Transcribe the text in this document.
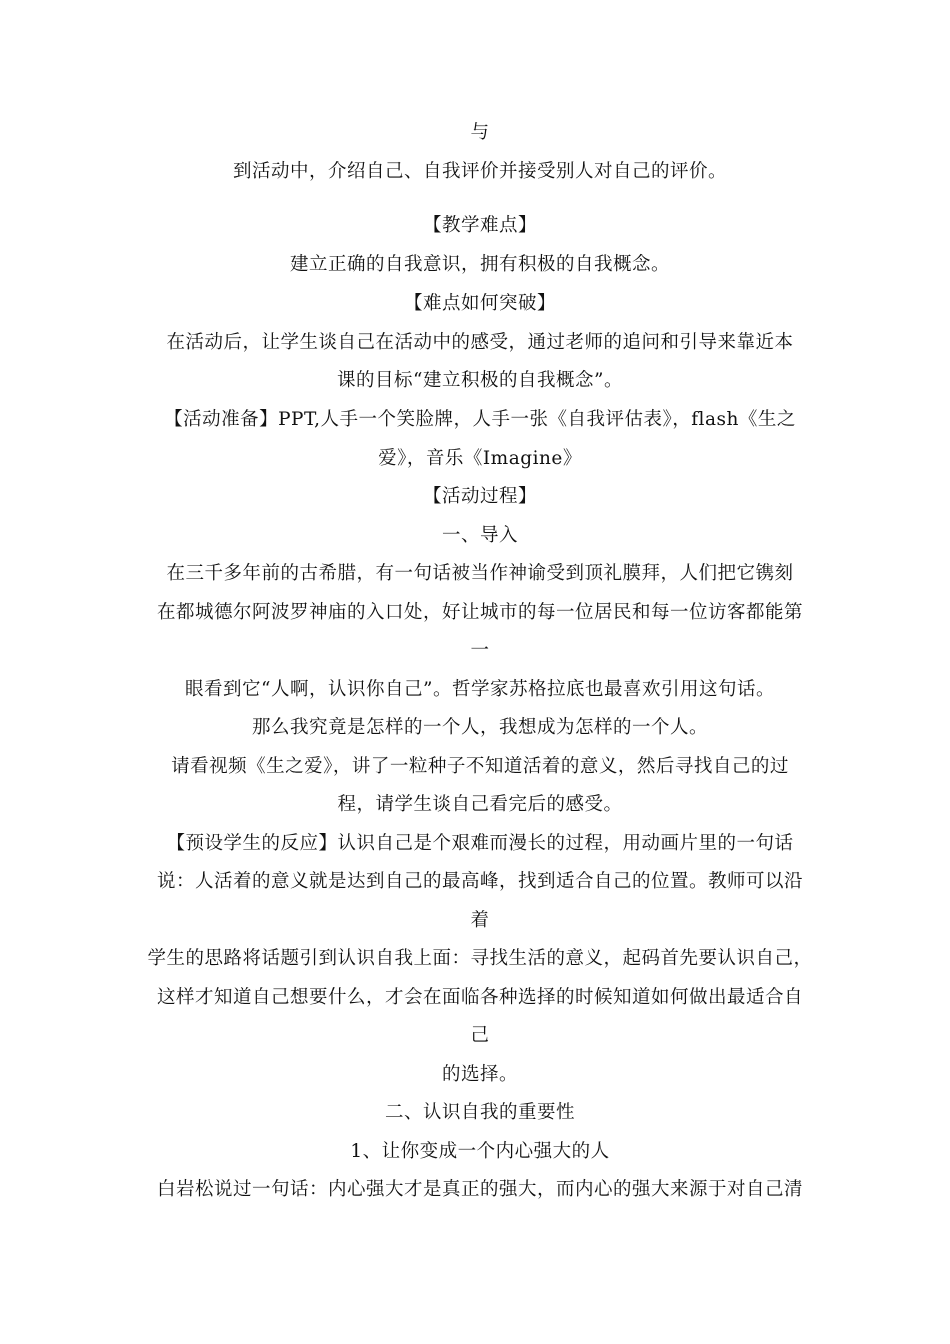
与
到活动中，介绍自己、自我评价并接受别人对自己的评价。
【教学难点】
建立正确的自我意识，拥有积极的自我概念。
【难点如何突破】
在活动后，让学生谈自己在活动中的感受，通过老师的追问和引导来靠近本
课的目标“建立积极的自我概念”。
【活动准备】PPT,人手一个笑脸牌，人手一张《自我评估表》，flash《生之
爱》，音乐《Imagine》
【活动过程】
一、导入
在三千多年前的古希腊，有一句话被当作神谕受到顶礼膜拜，人们把它镌刻
在都城德尔阿波罗神庙的入口处，好让城市的每一位居民和每一位访客都能第
一
眼看到它“人啊，认识你自己”。哲学家苏格拉底也最喜欢引用这句话。
那么我究竟是怎样的一个人，我想成为怎样的一个人。
请看视频《生之爱》，讲了一粒种子不知道活着的意义，然后寻找自己的过
程，请学生谈自己看完后的感受。
【预设学生的反应】认识自己是个艰难而漫长的过程，用动画片里的一句话
说：人活着的意义就是达到自己的最高峰，找到适合自己的位置。教师可以沿
着
学生的思路将话题引到认识自我上面：寻找生活的意义，起码首先要认识自己，
这样才知道自己想要什么，才会在面临各种选择的时候知道如何做出最适合自
己
的选择。
二、认识自我的重要性
1、让你变成一个内心强大的人
白岩松说过一句话：内心强大才是真正的强大，而内心的强大来源于对自己清
